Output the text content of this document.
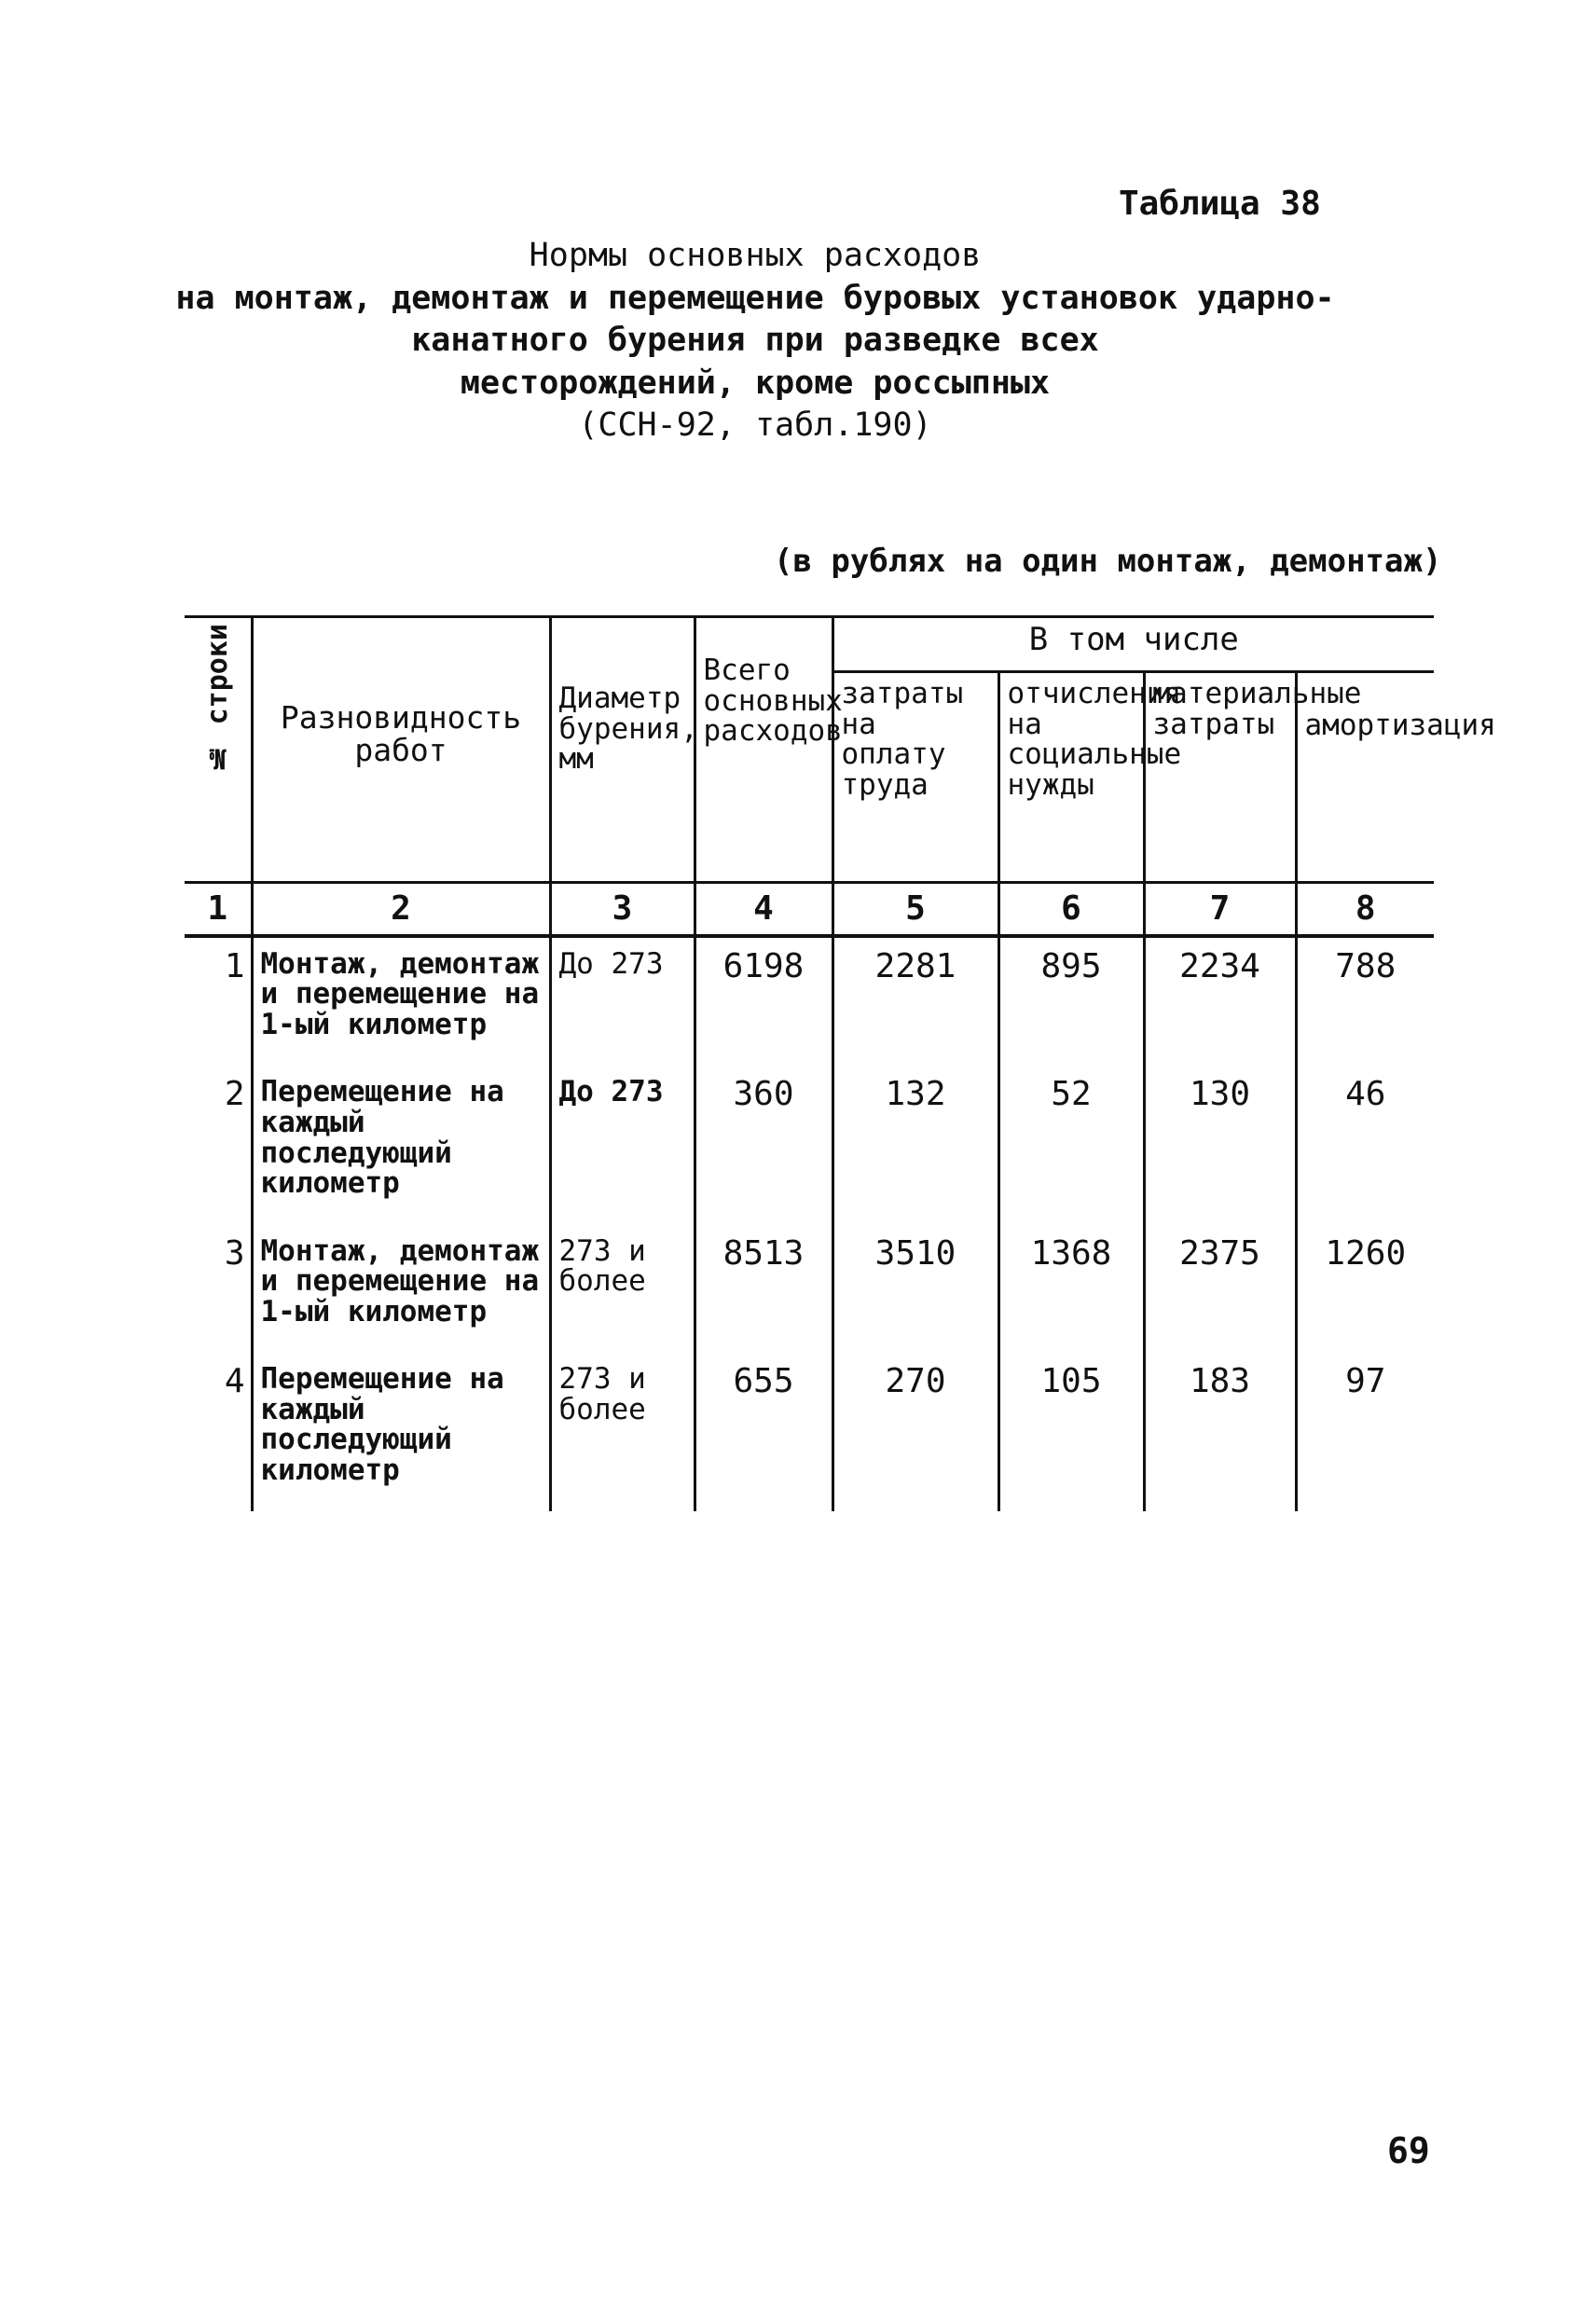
Таблица 38
Нормы основных расходов
на монтаж, демонтаж и перемещение буровых установок ударно-
канатного бурения при разведке всех
месторождений, кроме россыпных
(ССН-92, табл.190)
(в рублях на один монтаж, демонтаж)
№ строки	Разновидность работ	Диаметр бурения, мм	Всего основных расходов	В том числе			
				затраты на оплату труда	отчисления на социальные нужды	материальные затраты	амортизация
1	2	3	4	5	6	7	8
1	Монтаж, демонтаж и перемещение на 1-ый километр	До 273	6198	2281	895	2234	788
2	Перемещение на каждый последующий километр	До 273	360	132	52	130	46
3	Монтаж, демонтаж и перемещение на 1-ый километр	273 и более	8513	3510	1368	2375	1260
4	Перемещение на каждый последующий километр	273 и более	655	270	105	183	97
69
